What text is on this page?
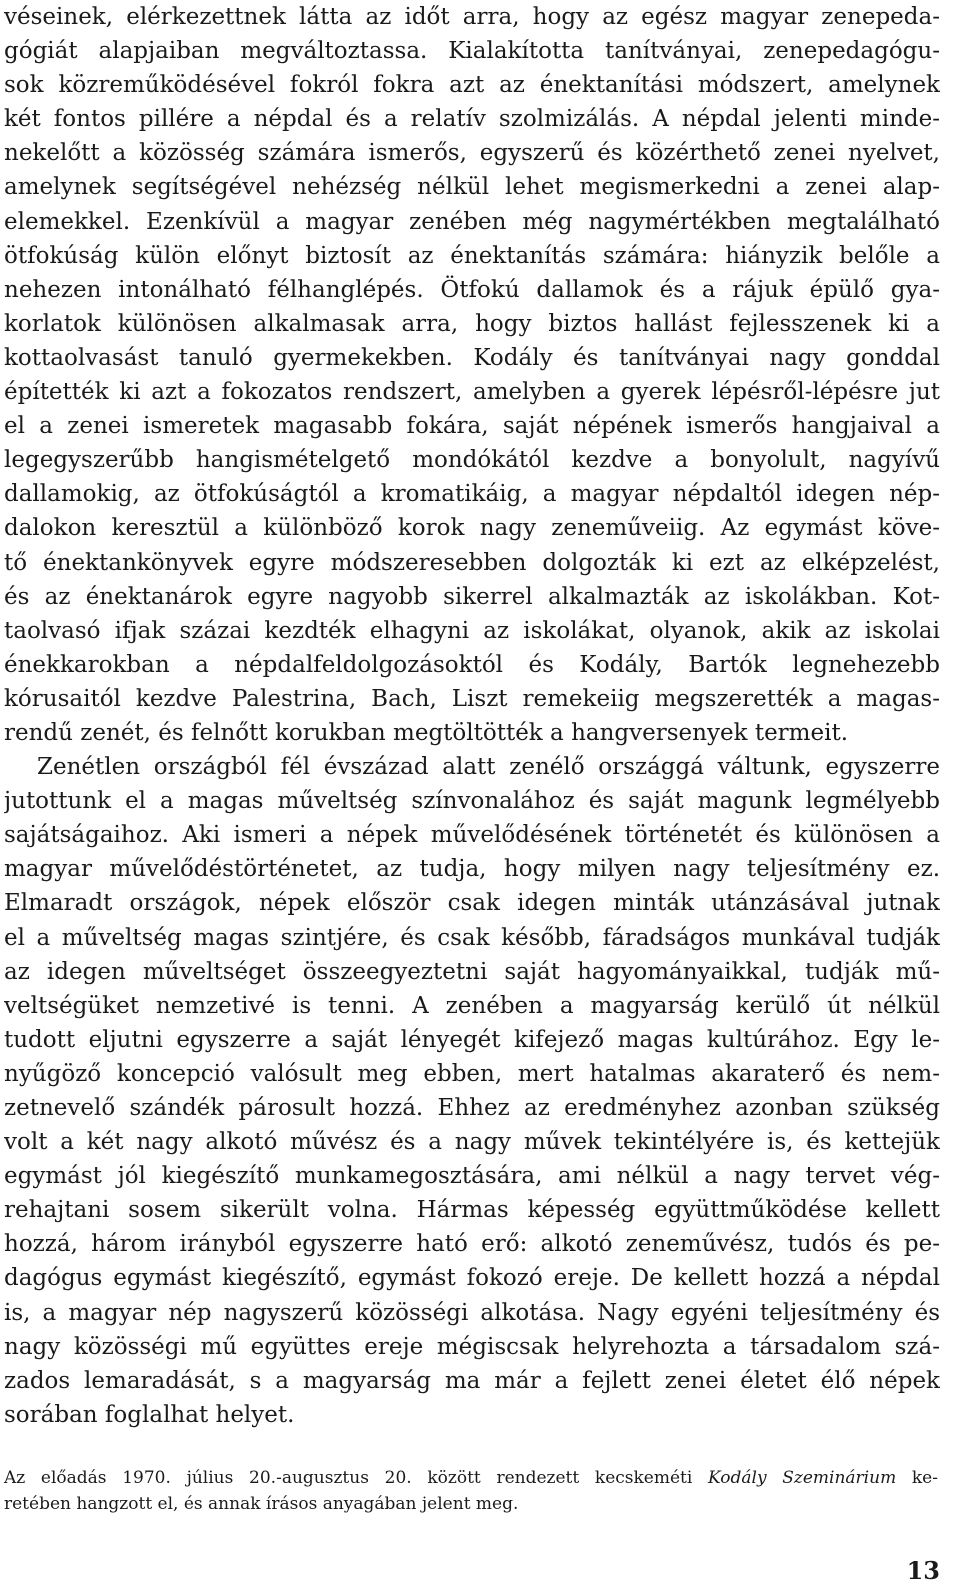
véseinek, elérkezettnek látta az időt arra, hogy az egész magyar zenepeda-
gógiát alapjaiban megváltoztassa. Kialakította tanítványai, zenepedagógu-
sok közreműködésével fokról fokra azt az énektanítási módszert, amelynek
két fontos pillére a népdal és a relatív szolmizálás. A népdal jelenti minde-
nekelőtt a közösség számára ismerős, egyszerű és közérthető zenei nyelvet,
amelynek segítségével nehézség nélkül lehet megismerkedni a zenei alap-
elemekkel. Ezenkívül a magyar zenében még nagymértékben megtalálható
ötfokúság külön előnyt biztosít az énektanítás számára: hiányzik belőle a
nehezen intonálható félhanglépés. Ötfokú dallamok és a rájuk épülő gya-
korlatok különösen alkalmasak arra, hogy biztos hallást fejlesszenek ki a
kottaolvasást tanuló gyermekekben. Kodály és tanítványai nagy gonddal
építették ki azt a fokozatos rendszert, amelyben a gyerek lépésről-lépésre jut
el a zenei ismeretek magasabb fokára, saját népének ismerős hangjaival a
legegyszerűbb hangismételgető mondókától kezdve a bonyolult, nagyívű
dallamokig, az ötfokúságtól a kromatikáig, a magyar népdaltól idegen nép-
dalokon keresztül a különböző korok nagy zeneműveiig. Az egymást köve-
tő énektankönyvek egyre módszeresebben dolgozták ki ezt az elképzelést,
és az énektanárok egyre nagyobb sikerrel alkalmazták az iskolákban. Kot-
taolvasó ifjak százai kezdték elhagyni az iskolákat, olyanok, akik az iskolai
énekkarokban a népdalfeldolgozásoktól és Kodály, Bartók legnehezebb
kórusaitól kezdve Palestrina, Bach, Liszt remekeiig megszerették a magas-
rendű zenét, és felnőtt korukban megtöltötték a hangversenyek termeit.
Zenétlen országból fél évszázad alatt zenélő országgá váltunk, egyszerre
jutottunk el a magas műveltség színvonalához és saját magunk legmélyebb
sajátságaihoz. Aki ismeri a népek művelődésének történetét és különösen a
magyar művelődéstörténetet, az tudja, hogy milyen nagy teljesítmény ez.
Elmaradt országok, népek először csak idegen minták utánzásával jutnak
el a műveltség magas szintjére, és csak később, fáradságos munkával tudják
az idegen műveltséget összeegyeztetni saját hagyományaikkal, tudják mű-
veltségüket nemzetivé is tenni. A zenében a magyarság kerülő út nélkül
tudott eljutni egyszerre a saját lényegét kifejező magas kultúrához. Egy le-
nyűgöző koncepció valósult meg ebben, mert hatalmas akaraterő és nem-
zetnevelő szándék párosult hozzá. Ehhez az eredményhez azonban szükség
volt a két nagy alkotó művész és a nagy művek tekintélyére is, és kettejük
egymást jól kiegészítő munkamegosztására, ami nélkül a nagy tervet vég-
rehajtani sosem sikerült volna. Hármas képesség együttműködése kellett
hozzá, három irányból egyszerre ható erő: alkotó zeneművész, tudós és pe-
dagógus egymást kiegészítő, egymást fokozó ereje. De kellett hozzá a népdal
is, a magyar nép nagyszerű közösségi alkotása. Nagy egyéni teljesítmény és
nagy közösségi mű együttes ereje mégiscsak helyrehozta a társadalom szá-
zados lemaradását, s a magyarság ma már a fejlett zenei életet élő népek
sorában foglalhat helyet.
Az előadás 1970. július 20.-augusztus 20. között rendezett kecskeméti Kodály Szeminárium ke-
retében hangzott el, és annak írásos anyagában jelent meg.
13
